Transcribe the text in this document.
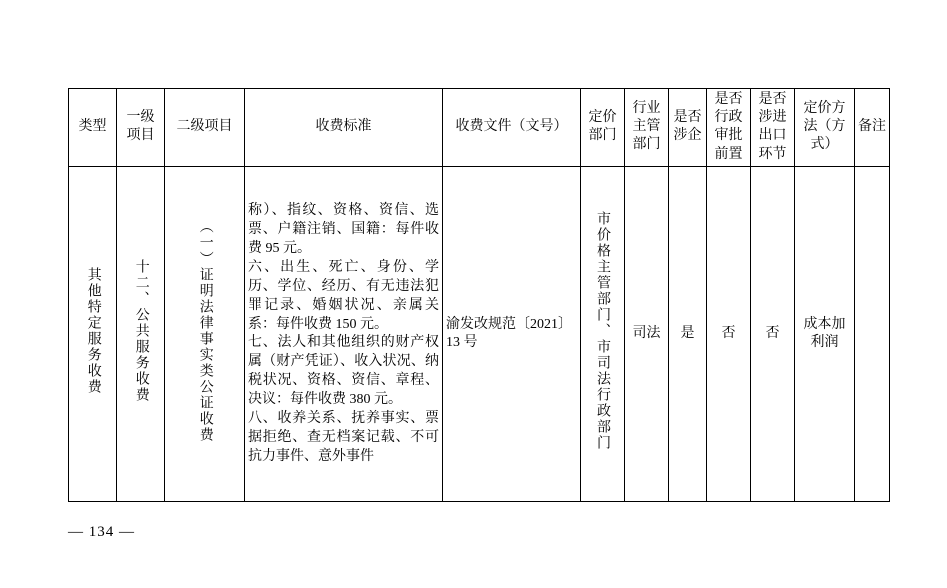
类型	一级项目	二级项目	收费标准	收费文件（文号）	定价部门	行业主管部门	是否涉企	是否行政审批前置	是否涉进出口环节	定价方法（方式）	备注
其他特定服务收费	十二、公共服务收费	（一）证明法律事实类公证收费	称）、指纹、资格、资信、选票、户籍注销、国籍：每件收费 95 元。

六、出生、死亡、身份、学历、学位、经历、有无违法犯罪记录、婚姻状况、亲属关系：每件收费 150 元。

七、法人和其他组织的财产权属（财产凭证）、收入状况、纳税状况、资格、资信、章程、决议：每件收费 380 元。

八、收养关系、抚养事实、票据拒绝、查无档案记载、不可抗力事件、意外事件	渝发改规范〔2021〕13 号	市价格主管部门、市司法行政部门	司法	是	否	否	成本加利润	
— 134 —
